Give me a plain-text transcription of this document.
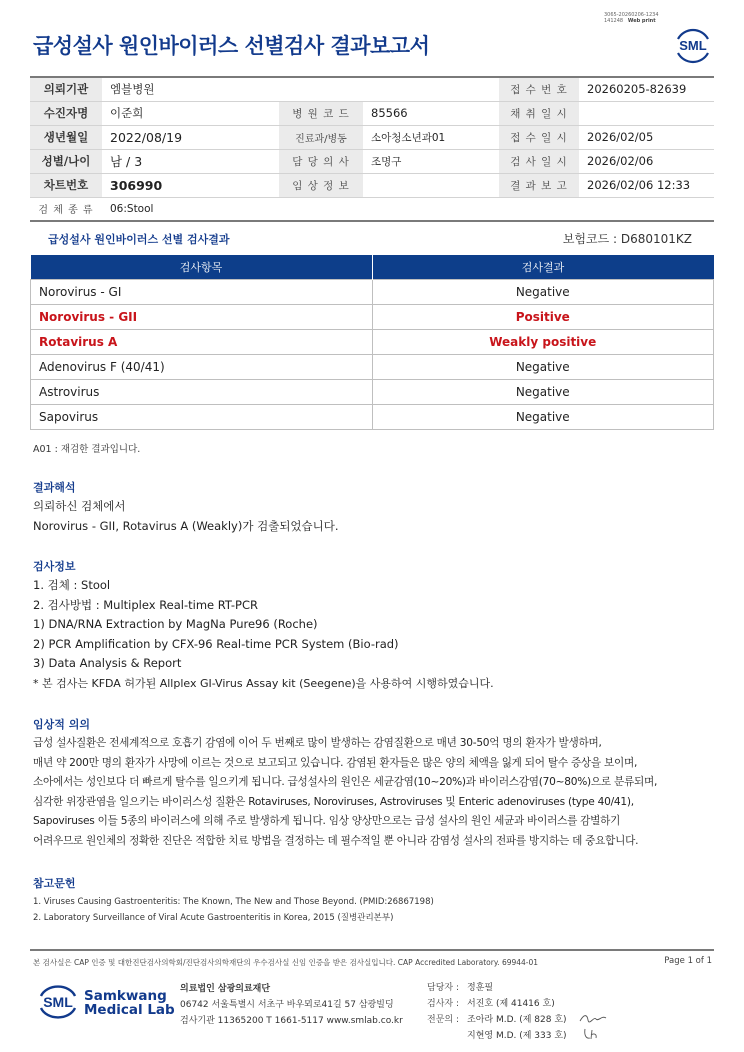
3065-20260206-1234
141248 Web print
급성설사 원인바이러스 선별검사 결과보고서	SML
의뢰기관	엠블병원			접 수 번 호	20260205-82639
수진자명	이준희	병 원 코 드	85566	채 취 일 시	
생년월일	2022/08/19	진료과/병동	소아청소년과01	접 수 일 시	2026/02/05
성별/나이	남 / 3	담 당 의 사	조명구	검 사 일 시	2026/02/06
차트번호	306990	임 상 정 보		결 과 보 고	2026/02/06 12:33
검 체 종 류	06:Stool				
급성설사 원인바이러스 선별 검사결과	보험코드 : D680101KZ
검사항목	검사결과
Norovirus - GI	Negative
Norovirus - GII	Positive
Rotavirus A	Weakly positive
Adenovirus F (40/41)	Negative
Astrovirus	Negative
Sapovirus	Negative
A01 : 재검한 결과입니다.
결과해석

의뢰하신 검체에서

Norovirus - GII, Rotavirus A (Weakly)가 검출되었습니다.

검사정보

1. 검체 : Stool

2. 검사방법 : Multiplex Real-time RT-PCR

1) DNA/RNA Extraction by MagNa Pure96 (Roche)

2) PCR Amplification by CFX-96 Real-time PCR System (Bio-rad)

3) Data Analysis & Report

* 본 검사는 KFDA 허가된 Allplex GI-Virus Assay kit (Seegene)을 사용하여 시행하였습니다.

임상적 의의

급성 설사질환은 전세계적으로 호흡기 감염에 이어 두 번째로 많이 발생하는 감염질환으로 매년 30-50억 명의 환자가 발생하며,

매년 약 200만 명의 환자가 사망에 이르는 것으로 보고되고 있습니다. 감염된 환자들은 많은 양의 체액을 잃게 되어 탈수 증상을 보이며,

소아에서는 성인보다 더 빠르게 탈수를 일으키게 됩니다. 급성설사의 원인은 세균감염(10~20%)과 바이러스감염(70~80%)으로 분류되며,

심각한 위장관염을 일으키는 바이러스성 질환은 Rotaviruses, Noroviruses, Astroviruses 및 Enteric adenoviruses (type 40/41),

Sapoviruses 이들 5종의 바이러스에 의해 주로 발생하게 됩니다. 임상 양상만으로는 급성 설사의 원인 세균과 바이러스를 감별하기

어려우므로 원인체의 정확한 진단은 적합한 치료 방법을 결정하는 데 필수적일 뿐 아니라 감염성 설사의 전파를 방지하는 데 중요합니다.

참고문헌
1. Viruses Causing Gastroenteritis: The Known, The New and Those Beyond. (PMID:26867198)
2. Laboratory Surveillance of Viral Acute Gastroenteritis in Korea, 2015 (질병관리본부)
본 검사실은 CAP 인증 및 대한진단검사의학회/진단검사의학재단의 우수검사실 신임 인증을 받은 검사실입니다. CAP Accredited Laboratory. 69944-01	Page 1 of 1
SML Samkwang
Medical Lab
의료법인 삼광의료재단
06742 서울특별시 서초구 바우뫼로41길 57 삼광빌딩
검사기관 11365200 T 1661-5117 www.smlab.co.kr
담당자 : 정훈필
검사자 : 서진호 (제 41416 호)
전문의 : 조아라 M.D. (제 828 호)
지현영 M.D. (제 333 호)
